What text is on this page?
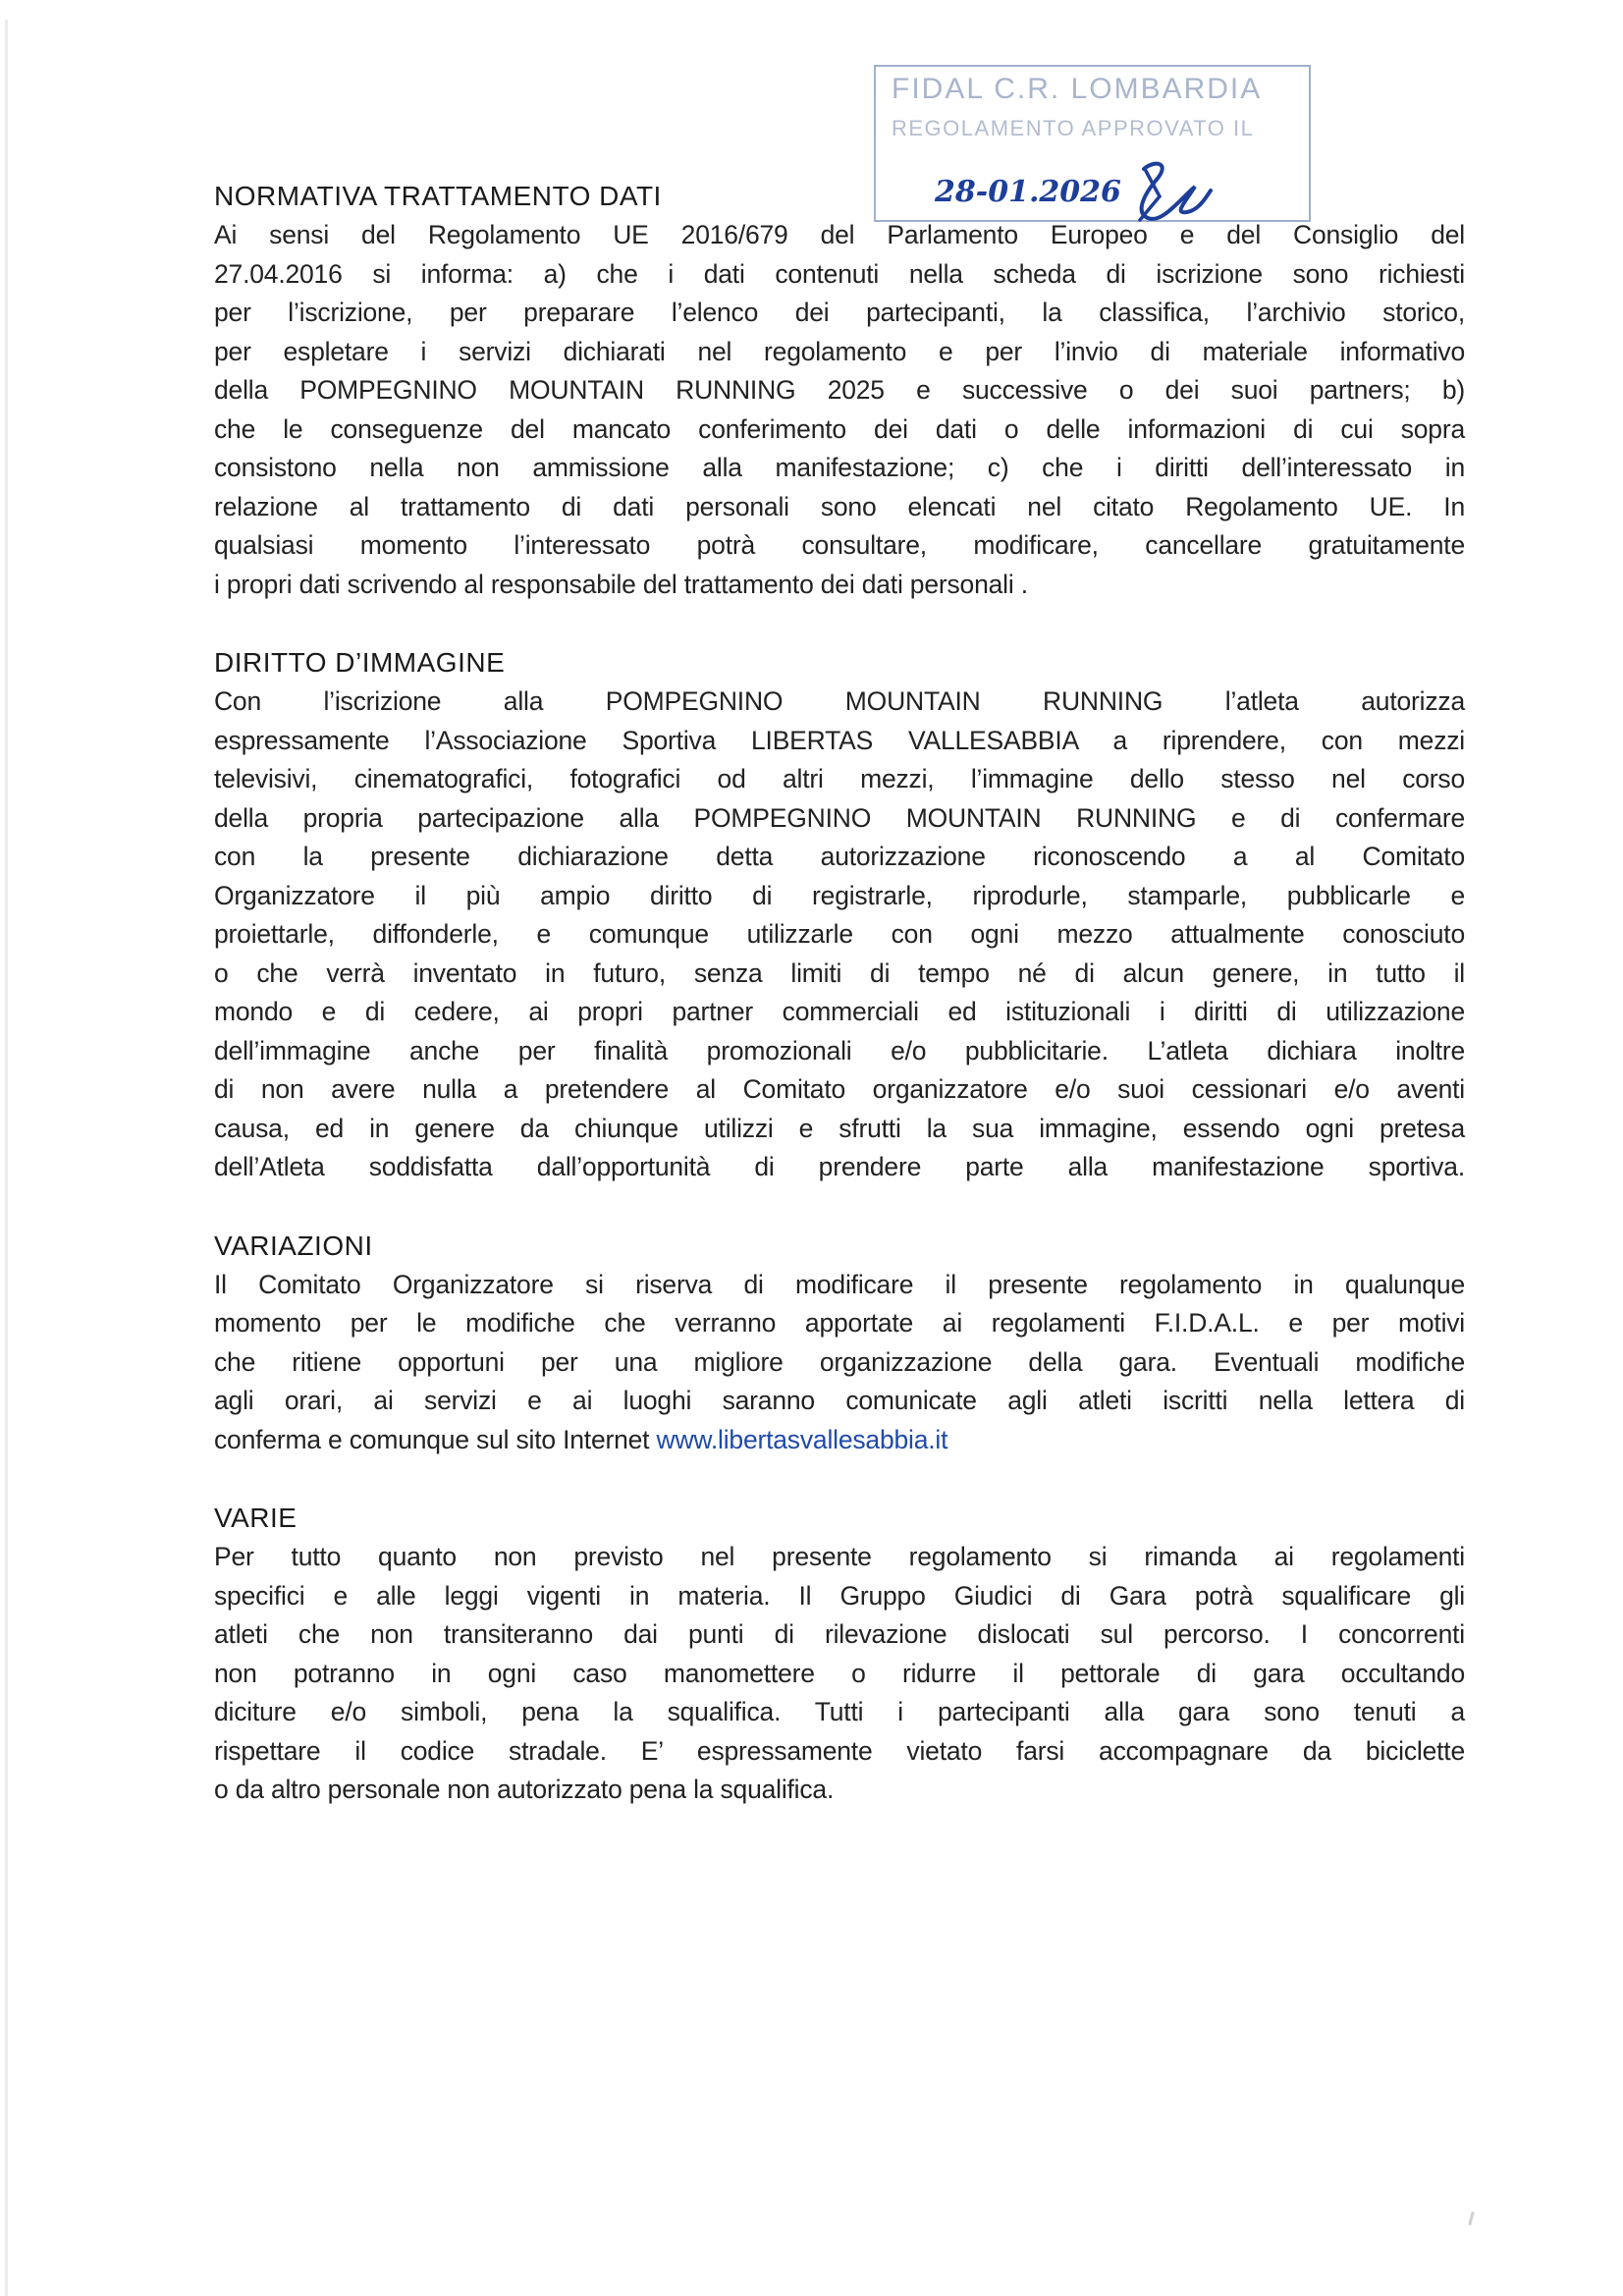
FIDAL C.R. LOMBARDIA
REGOLAMENTO APPROVATO IL
28-01.2026
NORMATIVA TRATTAMENTO DATI
Ai sensi del Regolamento UE 2016/679 del Parlamento Europeo e del Consiglio del
27.04.2016 si informa: a) che i dati contenuti nella scheda di iscrizione sono richiesti
per l’iscrizione, per preparare l’elenco dei partecipanti, la classifica, l’archivio storico,
per espletare i servizi dichiarati nel regolamento e per l’invio di materiale informativo
della POMPEGNINO MOUNTAIN RUNNING 2025 e successive o dei suoi partners; b)
che le conseguenze del mancato conferimento dei dati o delle informazioni di cui sopra
consistono nella non ammissione alla manifestazione; c) che i diritti dell’interessato in
relazione al trattamento di dati personali sono elencati nel citato Regolamento UE. In
qualsiasi momento l’interessato potrà consultare, modificare, cancellare gratuitamente
i propri dati scrivendo al responsabile del trattamento dei dati personali .
DIRITTO D’IMMAGINE
Con l’iscrizione alla POMPEGNINO MOUNTAIN RUNNING l’atleta autorizza
espressamente l’Associazione Sportiva LIBERTAS VALLESABBIA a riprendere, con mezzi
televisivi, cinematografici, fotografici od altri mezzi, l’immagine dello stesso nel corso
della propria partecipazione alla POMPEGNINO MOUNTAIN RUNNING e di confermare
con la presente dichiarazione detta autorizzazione riconoscendo a al Comitato
Organizzatore il più ampio diritto di registrarle, riprodurle, stamparle, pubblicarle e
proiettarle, diffonderle, e comunque utilizzarle con ogni mezzo attualmente conosciuto
o che verrà inventato in futuro, senza limiti di tempo né di alcun genere, in tutto il
mondo e di cedere, ai propri partner commerciali ed istituzionali i diritti di utilizzazione
dell’immagine anche per finalità promozionali e/o pubblicitarie. L’atleta dichiara inoltre
di non avere nulla a pretendere al Comitato organizzatore e/o suoi cessionari e/o aventi
causa, ed in genere da chiunque utilizzi e sfrutti la sua immagine, essendo ogni pretesa
dell’Atleta soddisfatta dall’opportunità di prendere parte alla manifestazione sportiva.
VARIAZIONI
Il Comitato Organizzatore si riserva di modificare il presente regolamento in qualunque
momento per le modifiche che verranno apportate ai regolamenti F.I.D.A.L. e per motivi
che ritiene opportuni per una migliore organizzazione della gara. Eventuali modifiche
agli orari, ai servizi e ai luoghi saranno comunicate agli atleti iscritti nella lettera di
conferma e comunque sul sito Internet www.libertasvallesabbia.it
VARIE
Per tutto quanto non previsto nel presente regolamento si rimanda ai regolamenti
specifici e alle leggi vigenti in materia. Il Gruppo Giudici di Gara potrà squalificare gli
atleti che non transiteranno dai punti di rilevazione dislocati sul percorso. I concorrenti
non potranno in ogni caso manomettere o ridurre il pettorale di gara occultando
diciture e/o simboli, pena la squalifica. Tutti i partecipanti alla gara sono tenuti a
rispettare il codice stradale. E’ espressamente vietato farsi accompagnare da biciclette
o da altro personale non autorizzato pena la squalifica.
